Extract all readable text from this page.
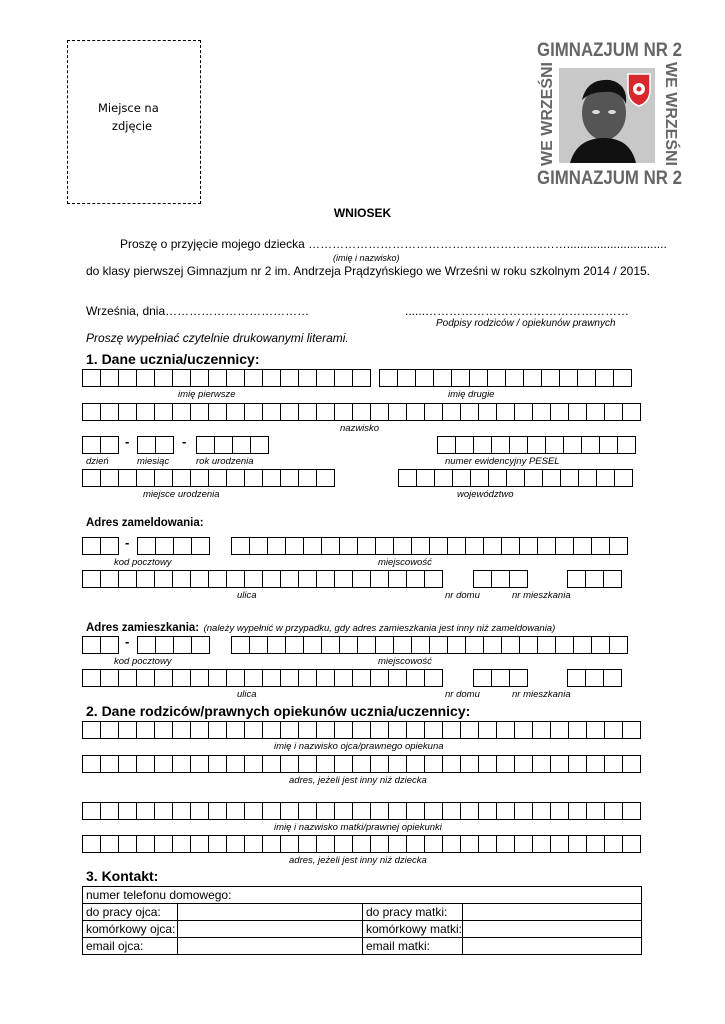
Miejsce na
zdjęcie
GIMNAZJUM NR 2
GIMNAZJUM NR 2
WE WRZEŚNI	WE WRZEŚNI
WNIOSEK
Proszę o przyjęcie mojego dziecka …………………………………………………..……..............................
(imię i nazwisko)
do klasy pierwszej Gimnazjum nr 2 im. Andrzeja Prądzyńskiego we Wrześni w roku szkolnym 2014 / 2015.
Września, dnia………………………………	......……………………………………………
Podpisy rodziców / opiekunów prawnych
Proszę wypełniać czytelnie drukowanymi literami.
1. Dane ucznia/uczennicy:
imię pierwsze	imię drugie
nazwisko
-	-
dzień	miesiąc	rok urodzenia	numer ewidencyjny PESEL
miejsce urodzenia	województwo
Adres zameldowania:
-
kod pocztowy	miejscowość
ulica	nr domu	nr mieszkania
Adres zamieszkania: (należy wypełnić w przypadku, gdy adres zamieszkania jest inny niż zameldowania)
-
kod pocztowy	miejscowość
ulica	nr domu	nr mieszkania
2. Dane rodziców/prawnych opiekunów ucznia/uczennicy:
imię i nazwisko ojca/prawnego opiekuna
adres, jeżeli jest inny niż dziecka
imię i nazwisko matki/prawnej opiekunki
adres, jeżeli jest inny niż dziecka
3. Kontakt:
numer telefonu domowego:			
do pracy ojca:		do pracy matki:	
komórkowy ojca:		komórkowy matki:	
email ojca:		email matki:	
